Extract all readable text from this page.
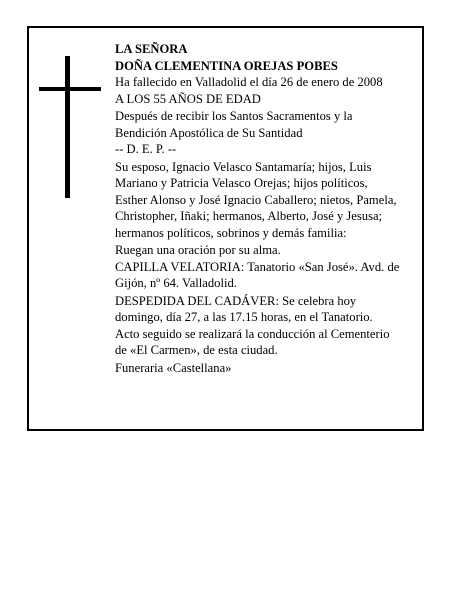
LA SEÑORA

DOÑA CLEMENTINA OREJAS POBES

Ha fallecido en Valladolid el día 26 de enero de 2008

A LOS 55 AÑOS DE EDAD

Después de recibir los Santos Sacramentos y la

Bendición Apostólica de Su Santidad

-- D. E. P. --

Su esposo, Ignacio Velasco Santamaría; hijos, Luis

Mariano y Patricia Velasco Orejas; hijos políticos,

Esther Alonso y José Ignacio Caballero; nietos, Pamela,

Christopher, Iñaki; hermanos, Alberto, José y Jesusa;

hermanos políticos, sobrinos y demás familia:

Ruegan una oración por su alma.

CAPILLA VELATORIA: Tanatorio «San José». Avd. de

Gijón, nº 64. Valladolid.

DESPEDIDA DEL CADÁVER: Se celebra hoy

domingo, día 27, a las 17.15 horas, en el Tanatorio.

Acto seguido se realizará la conducción al Cementerio

de «El Carmen», de esta ciudad.

Funeraria «Castellana»
